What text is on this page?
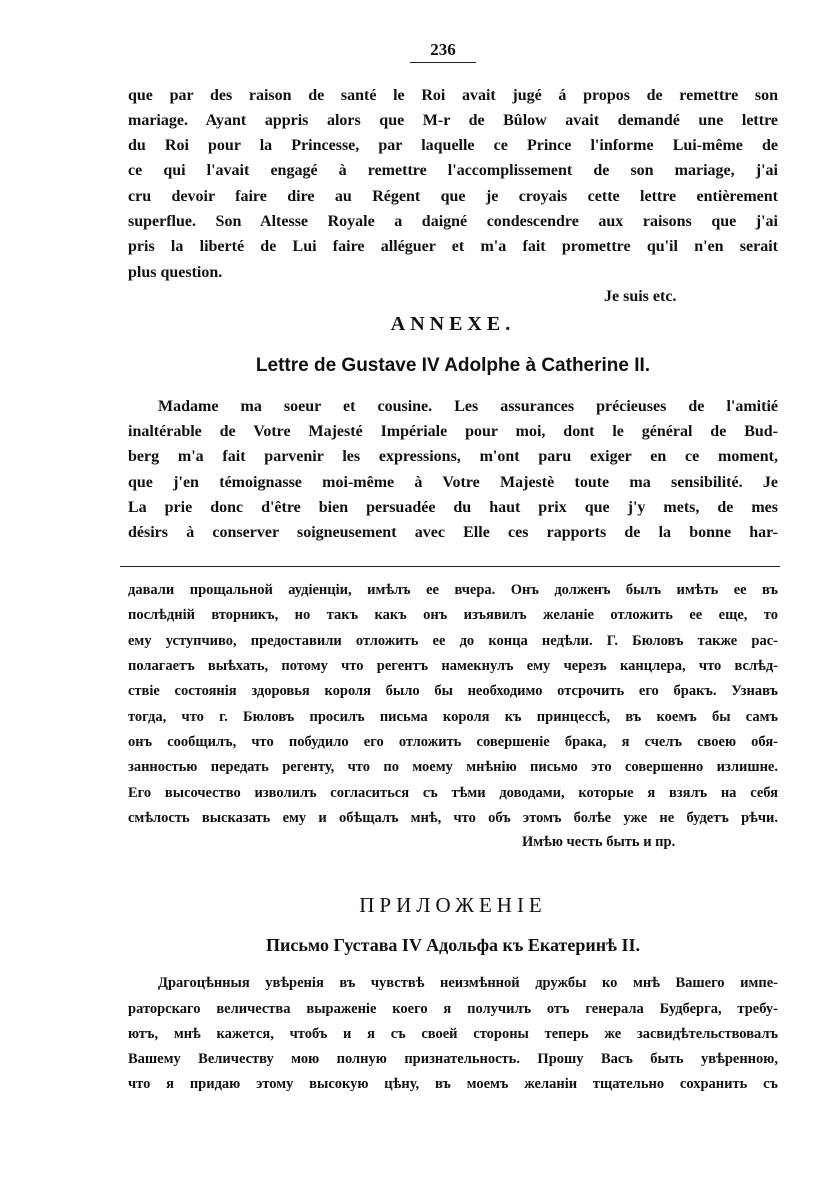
236
que par des raison de santé le Roi avait jugé á propos de remettre son
mariage. Ayant appris alors que M-r de Bûlow avait demandé une lettre
du Roi pour la Princesse, par laquelle ce Prince l'informe Lui-même de
ce qui l'avait engagé à remettre l'accomplissement de son mariage, j'ai
cru devoir faire dire au Régent que je croyais cette lettre entièrement
superflue. Son Altesse Royale a daigné condescendre aux raisons que j'ai
pris la liberté de Lui faire alléguer et m'a fait promettre qu'il n'en serait
plus question.
Je suis etc.
ANNEXE.
Lettre de Gustave IV Adolphe à Catherine II.
Madame ma soeur et cousine. Les assurances précieuses de l'amitié
inaltérable de Votre Majesté Impériale pour moi, dont le général de Bud-
berg m'a fait parvenir les expressions, m'ont paru exiger en ce moment,
que j'en témoignasse moi-même à Votre Majestè toute ma sensibilité. Je
La prie donc d'être bien persuadée du haut prix que j'y mets, de mes
désirs à conserver soigneusement avec Elle ces rapports de la bonne har-
давали прощальной аудіенціи, имѣлъ ее вчера. Онъ долженъ былъ имѣть ее въ
послѣдній вторникъ, но такъ какъ онъ изъявилъ желаніе отложить ее еще, то
ему уступчиво, предоставили отложить ее до конца недѣли. Г. Бюловъ также рас-
полагаетъ выѣхать, потому что регентъ намекнулъ ему черезъ канцлера, что вслѣд-
ствіе состоянія здоровья короля было бы необходимо отсрочить его бракъ. Узнавъ
тогда, что г. Бюловъ просилъ письма короля къ принцессѣ, въ коемъ бы самъ
онъ сообщилъ, что побудило его отложить совершеніе брака, я счелъ своею обя-
занностью передать регенту, что по моему мнѣнію письмо это совершенно излишне.
Его высочество изволилъ согласиться съ тѣми доводами, которые я взялъ на себя
смѣлость высказать ему и обѣщалъ мнѣ, что объ этомъ болѣе уже не будетъ рѣчи.
Имѣю честь быть и пр.
ПРИЛОЖЕНІЕ
Письмо Густава IV Адольфа къ Екатеринѣ II.
Драгоцѣнныя увѣренія въ чувствѣ неизмѣнной дружбы ко мнѣ Вашего импе-
раторскаго величества выраженіе коего я получилъ отъ генерала Будберга, требу-
ютъ, мнѣ кажется, чтобъ и я съ своей стороны теперь же засвидѣтельствовалъ
Вашему Величеству мою полную признательность. Прошу Васъ быть увѣренною,
что я придаю этому высокую цѣну, въ моемъ желаніи тщательно сохранить съ
